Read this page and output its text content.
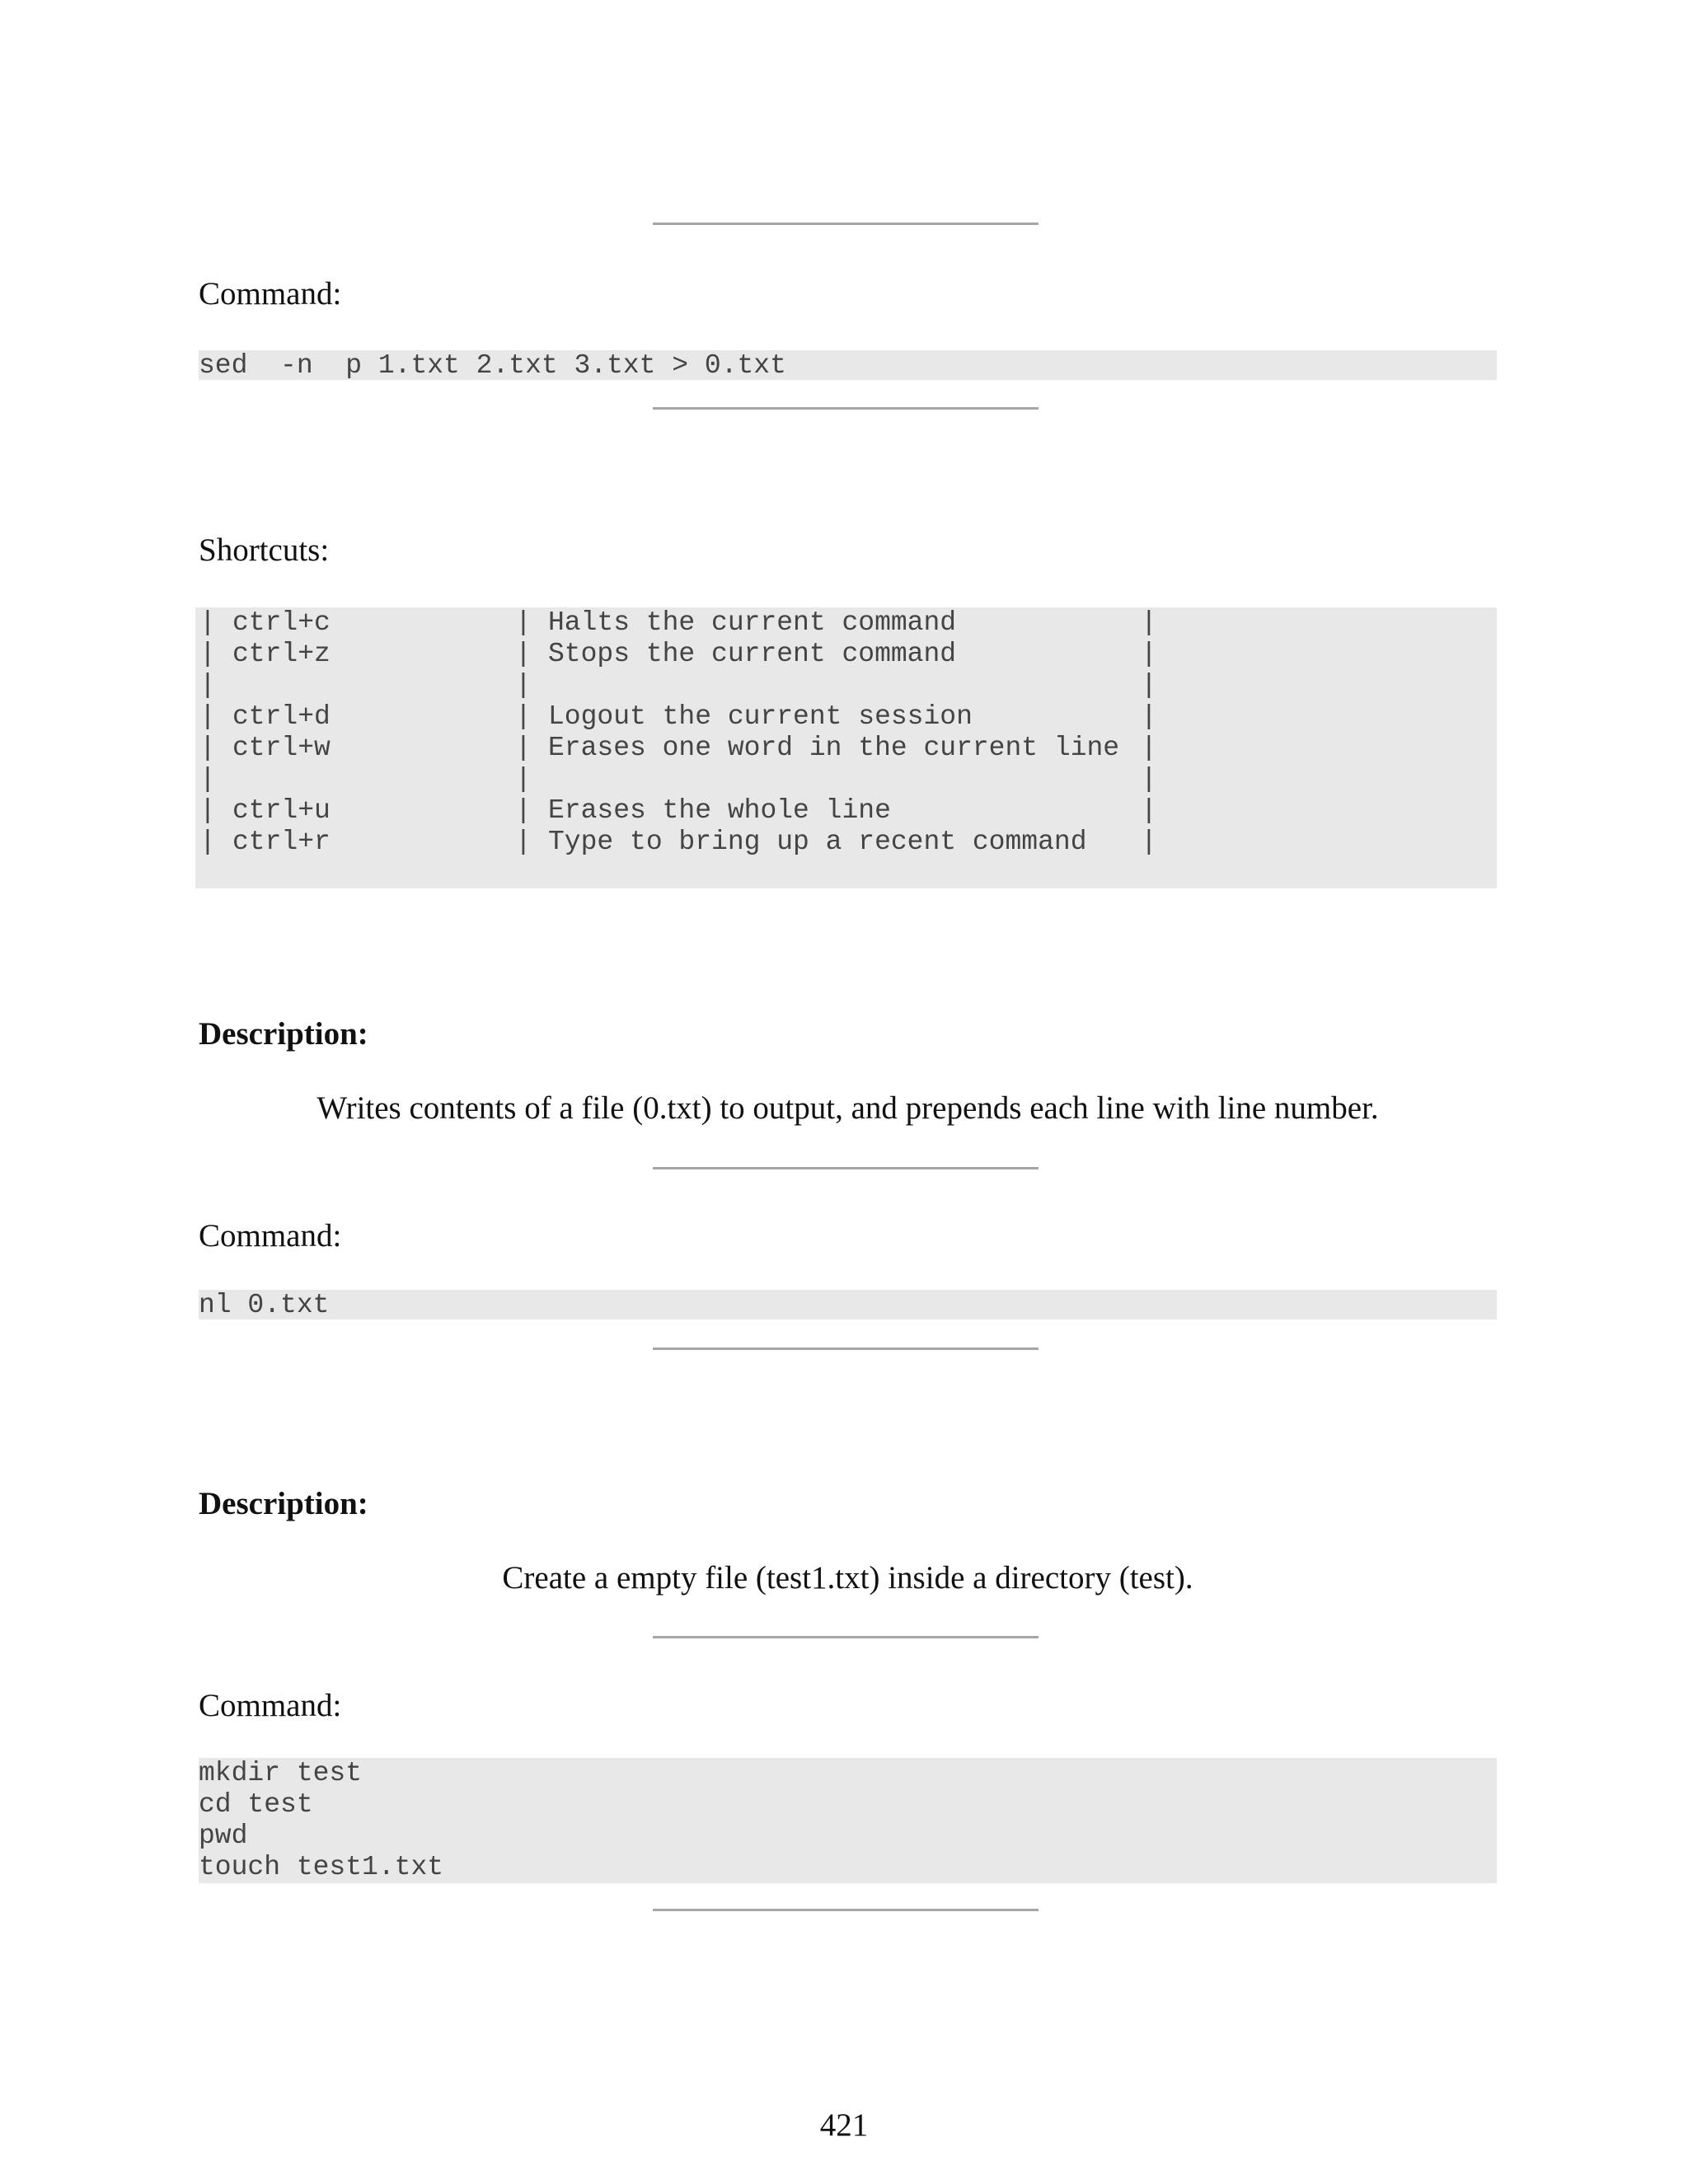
Command:
sed  -n  p 1.txt 2.txt 3.txt > 0.txt
Shortcuts:
| ctrl+c	| Halts the current command	|
| ctrl+z	| Stops the current command	|
|	|	|
| ctrl+d	| Logout the current session	|
| ctrl+w	| Erases one word in the current line |
|	|	|
| ctrl+u	| Erases the whole line	|
| ctrl+r	| Type to bring up a recent command |
Description:
Writes contents of a file (0.txt) to output, and prepends each line with line number.
Command:
nl 0.txt
Description:
Create a empty file (test1.txt) inside a directory (test).
Command:
mkdir test
cd test
pwd
touch test1.txt
421
